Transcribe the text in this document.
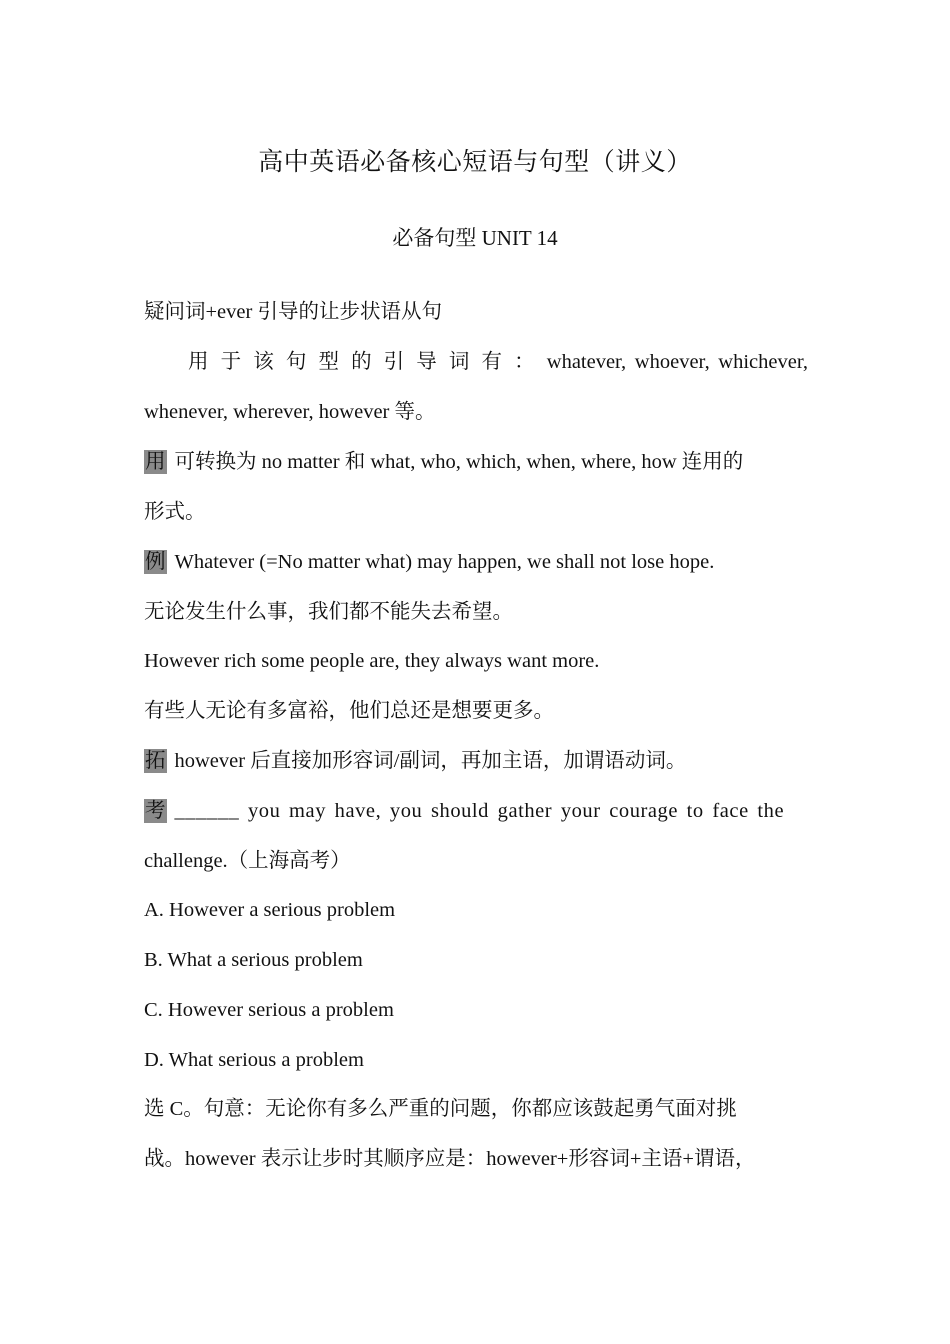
高中英语必备核心短语与句型（讲义）
必备句型 UNIT 14
疑问词+ever 引导的让步状语从句
用 于 该 句 型 的 引 导 词 有 ： whatever, whoever, whichever,
whenever, wherever, however 等。
用 可转换为 no matter 和 what, who, which, when, where, how 连用的
形式。
例 Whatever (=No matter what) may happen, we shall not lose hope.
无论发生什么事，我们都不能失去希望。
However rich some people are, they always want more.
有些人无论有多富裕，他们总还是想要更多。
拓 however 后直接加形容词/副词，再加主语，加谓语动词。
考 ______ you may have, you should gather your courage to face the
challenge.（上海高考）
A. However a serious problem
B. What a serious problem
C. However serious a problem
D. What serious a problem
选 C。句意：无论你有多么严重的问题，你都应该鼓起勇气面对挑
战。however 表示让步时其顺序应是：however+形容词+主语+谓语，
